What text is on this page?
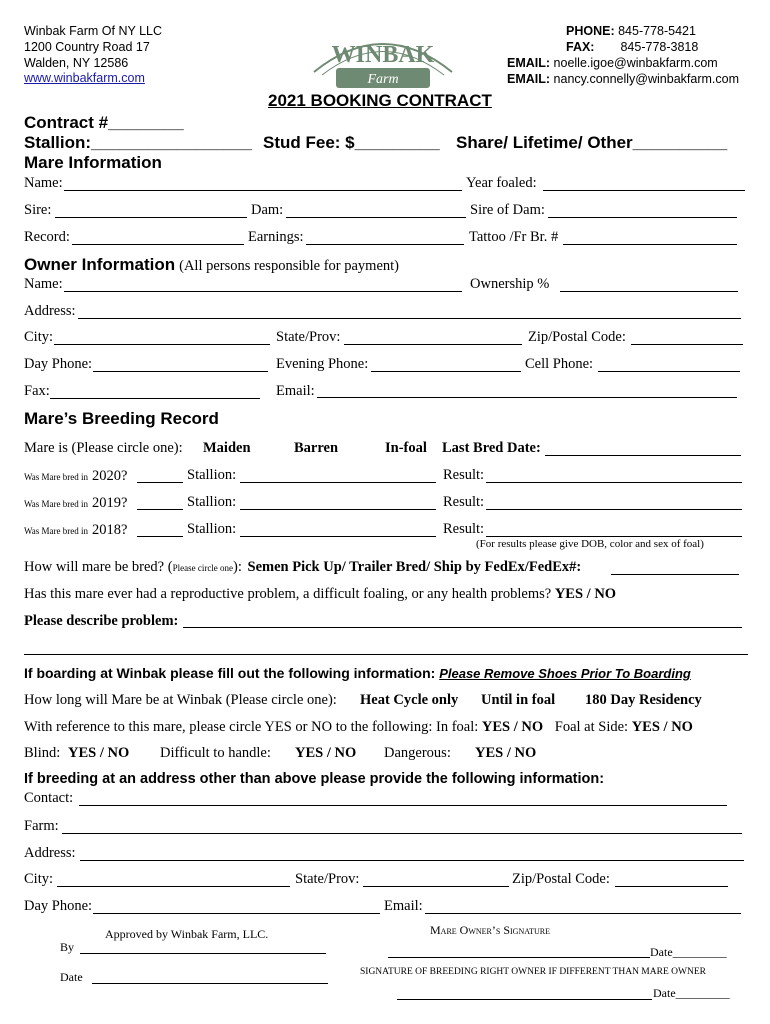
Winbak Farm Of NY LLC
1200 Country Road 17
Walden, NY 12586
www.winbakfarm.com
WINBAK
Farm
PHONE: 845-778-5421
FAX: 845-778-3818
EMAIL: noelle.igoe@winbakfarm.com
EMAIL: nancy.connelly@winbakfarm.com
2021 BOOKING CONTRACT
Contract #________
Stallion:_________________ Stud Fee: $_________ Share/ Lifetime/ Other__________
Mare Information
Name:	Year foaled:
Sire:	Dam:	Sire of Dam:
Record:	Earnings:	Tattoo /Fr Br. #
Owner Information (All persons responsible for payment)
Name:	Ownership %
Address:
City:	State/Prov:	Zip/Postal Code:
Day Phone:	Evening Phone:	Cell Phone:
Fax:	Email:
Mare’s Breeding Record
Mare is (Please circle one): Maiden	Barren	In-foal Last Bred Date:
Was Mare bred in 2020?	Stallion:	Result:
Was Mare bred in 2019?	Stallion:	Result:
Was Mare bred in 2018?	Stallion:	Result:
(For results please give DOB, color and sex of foal)
How will mare be bred? (Please circle one): Semen Pick Up/ Trailer Bred/ Ship by FedEx/FedEx#:
Has this mare ever had a reproductive problem, a difficult foaling, or any health problems? YES / NO
Please describe problem:
If boarding at Winbak please fill out the following information: Please Remove Shoes Prior To Boarding
How long will Mare be at Winbak (Please circle one): Heat Cycle only Until in foal 180 Day Residency
With reference to this mare, please circle YES or NO to the following: In foal: YES / NO Foal at Side: YES / NO
Blind: YES / NO Difficult to handle: YES / NO Dangerous: YES / NO
If breeding at an address other than above please provide the following information:
Contact:
Farm:
Address:
City:	State/Prov:	Zip/Postal Code:
Day Phone:	Email:
Approved by Winbak Farm, LLC.
By
Date
Mare Owner’s Signature
Date_________
SIGNATURE OF BREEDING RIGHT OWNER IF DIFFERENT THAN MARE OWNER
Date_________
